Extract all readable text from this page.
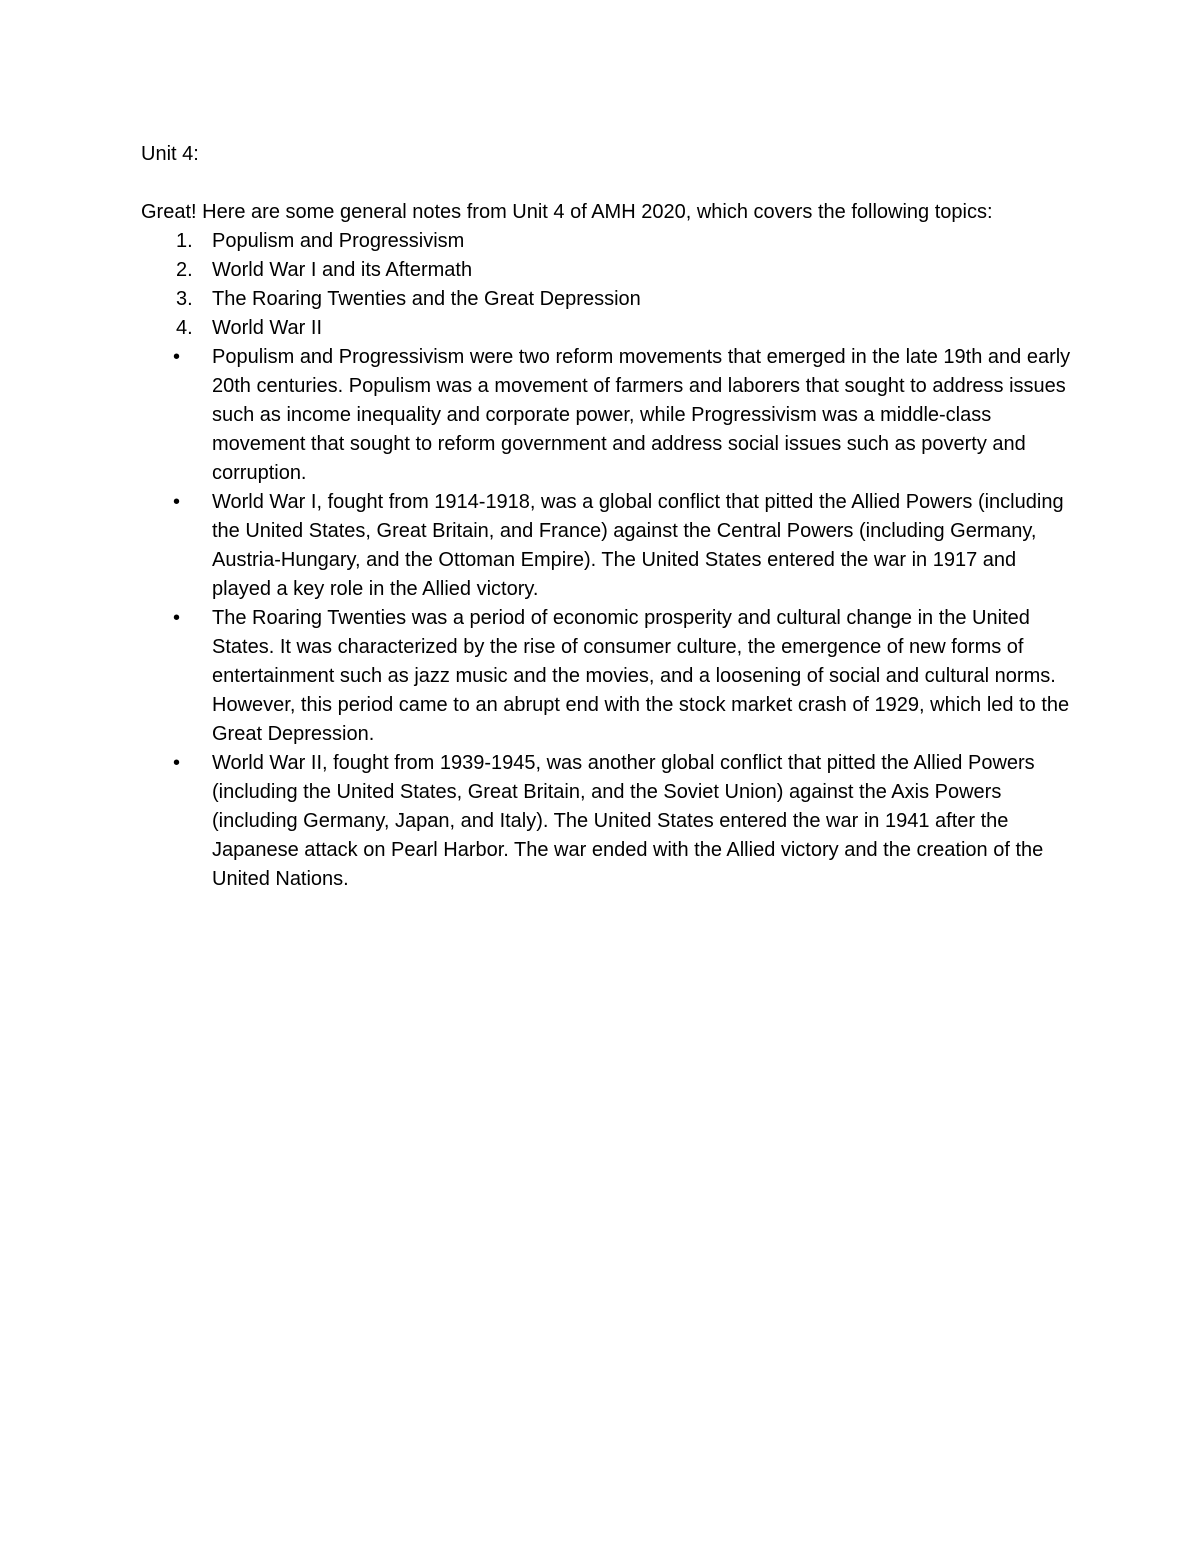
Unit 4:

Great! Here are some general notes from Unit 4 of AMH 2020, which covers the following topics:

1. Populism and Progressivism
2. World War I and its Aftermath
3. The Roaring Twenties and the Great Depression
4. World War II
•	Populism and Progressivism were two reform movements that emerged in the late 19th and early 20th centuries. Populism was a movement of farmers and laborers that sought to address issues such as income inequality and corporate power, while Progressivism was a middle-class movement that sought to reform government and address social issues such as poverty and corruption.
•	World War I, fought from 1914-1918, was a global conflict that pitted the Allied Powers (including the United States, Great Britain, and France) against the Central Powers (including Germany, Austria-Hungary, and the Ottoman Empire). The United States entered the war in 1917 and played a key role in the Allied victory.
•	The Roaring Twenties was a period of economic prosperity and cultural change in the United States. It was characterized by the rise of consumer culture, the emergence of new forms of entertainment such as jazz music and the movies, and a loosening of social and cultural norms. However, this period came to an abrupt end with the stock market crash of 1929, which led to the Great Depression.
•	World War II, fought from 1939-1945, was another global conflict that pitted the Allied Powers (including the United States, Great Britain, and the Soviet Union) against the Axis Powers (including Germany, Japan, and Italy). The United States entered the war in 1941 after the Japanese attack on Pearl Harbor. The war ended with the Allied victory and the creation of the United Nations.
